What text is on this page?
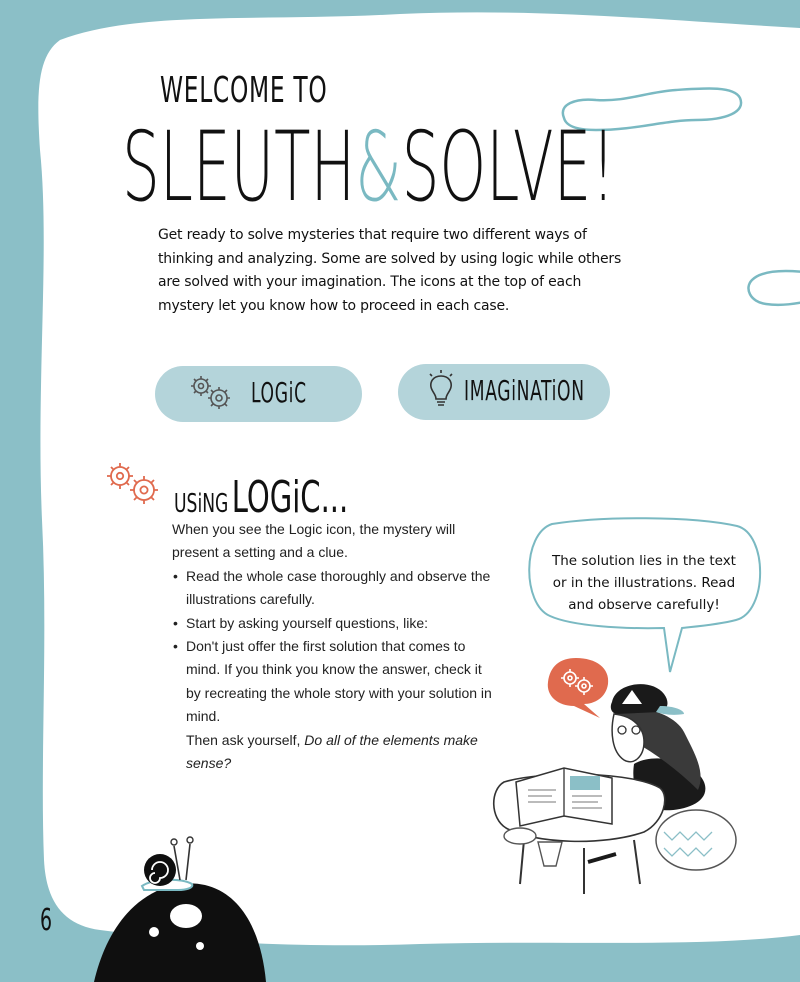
WELCOME TO
SLEUTH&SOLVE!
Get ready to solve mysteries that require two different ways of thinking and analyzing. Some are solved by using logic while others are solved with your imagination. The icons at the top of each mystery let you know how to proceed in each case.
LOGiC	IMAGiNATiON
USiNG LOGiC...

When you see the Logic icon, the mystery will present a setting and a clue.

• Read the whole case thoroughly and observe the illustrations carefully.
• Start by asking yourself questions, like:
• Don't just offer the first solution that comes to mind. If you think you know the answer, check it by recreating the whole story with your solution in mind.

Then ask yourself, Do all of the elements make sense?

The solution lies in the text or in the illustrations. Read and observe carefully!
6
